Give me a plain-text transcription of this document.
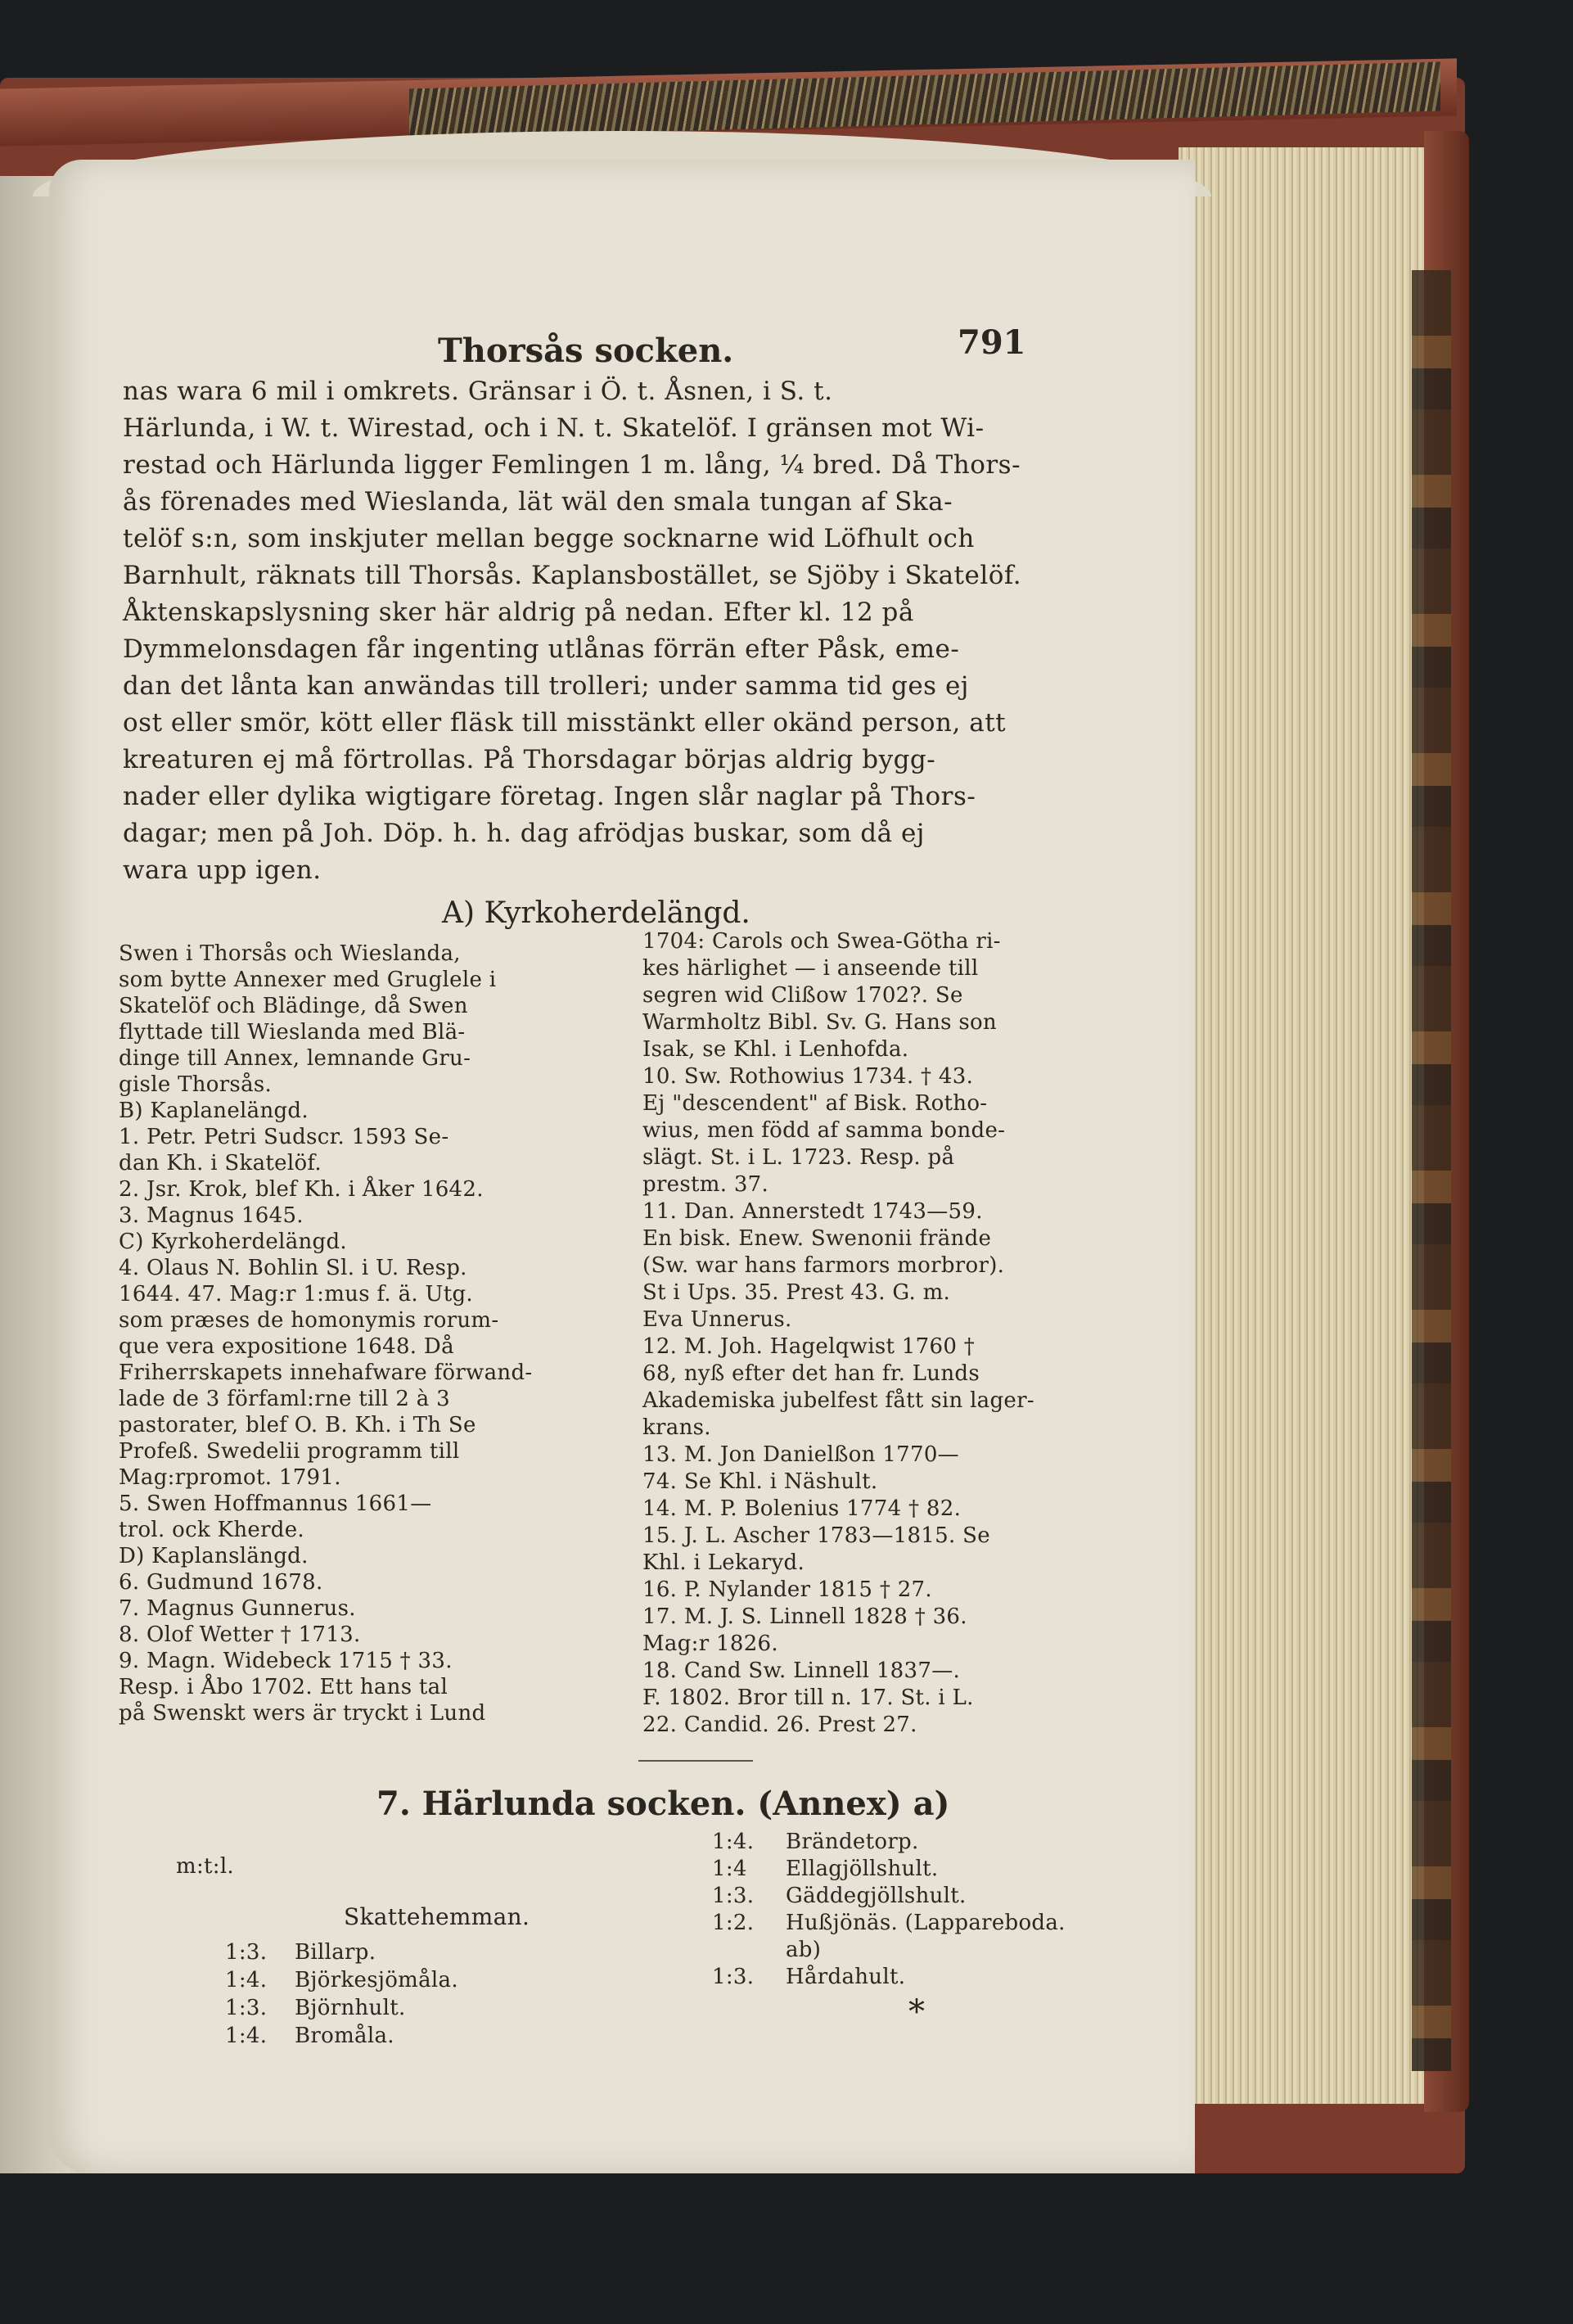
Thorsås socken.	791
nas wara 6 mil i omkrets. Gränsar i Ö. t. Åsnen, i S. t.
Härlunda, i W. t. Wirestad, och i N. t. Skatelöf. I gränsen mot Wi-
restad och Härlunda ligger Femlingen 1 m. lång, ¼ bred. Då Thors-
ås förenades med Wieslanda, lät wäl den smala tungan af Ska-
telöf s:n, som inskjuter mellan begge socknarne wid Löfhult och
Barnhult, räknats till Thorsås. Kaplansbostället, se Sjöby i Skatelöf.
Åktenskapslysning sker här aldrig på nedan. Efter kl. 12 på
Dymmelonsdagen får ingenting utlånas förrän efter Påsk, eme-
dan det lånta kan anwändas till trolleri; under samma tid ges ej
ost eller smör, kött eller fläsk till misstänkt eller okänd person, att
kreaturen ej må förtrollas. På Thorsdagar börjas aldrig bygg-
nader eller dylika wigtigare företag. Ingen slår naglar på Thors-
dagar; men på Joh. Döp. h. h. dag afrödjas buskar, som då ej
wara upp igen.
A) Kyrkoherdelängd.
Swen i Thorsås och Wieslanda,
som bytte Annexer med Gruglele i
Skatelöf och Blädinge, då Swen
flyttade till Wieslanda med Blä-
dinge till Annex, lemnande Gru-
gisle Thorsås.
B) Kaplanelängd.
1. Petr. Petri Sudscr. 1593 Se-
dan Kh. i Skatelöf.
2. Jsr. Krok, blef Kh. i Åker 1642.
3. Magnus 1645.
C) Kyrkoherdelängd.
4. Olaus N. Bohlin Sl. i U. Resp.
1644. 47. Mag:r 1:mus f. ä. Utg.
som præses de homonymis rorum-
que vera expositione 1648. Då
Friherrskapets innehafware förwand-
lade de 3 förfaml:rne till 2 à 3
pastorater, blef O. B. Kh. i Th Se
Profeß. Swedelii programm till
Mag:rpromot. 1791.
5. Swen Hoffmannus 1661—
trol. ock Kherde.
D) Kaplanslängd.
6. Gudmund 1678.
7. Magnus Gunnerus.
8. Olof Wetter † 1713.
9. Magn. Widebeck 1715 † 33.
Resp. i Åbo 1702. Ett hans tal
på Swenskt wers är tryckt i Lund
1704: Carols och Swea-Götha ri-
kes härlighet — i anseende till
segren wid Clißow 1702?. Se
Warmholtz Bibl. Sv. G. Hans son
Isak, se Khl. i Lenhofda.
10. Sw. Rothowius 1734. † 43.
Ej "descendent" af Bisk. Rotho-
wius, men född af samma bonde-
slägt. St. i L. 1723. Resp. på
prestm. 37.
11. Dan. Annerstedt 1743—59.
En bisk. Enew. Swenonii frände
(Sw. war hans farmors morbror).
St i Ups. 35. Prest 43. G. m.
Eva Unnerus.
12. M. Joh. Hagelqwist 1760 †
68, nyß efter det han fr. Lunds
Akademiska jubelfest fått sin lager-
krans.
13. M. Jon Danielßon 1770—
74. Se Khl. i Näshult.
14. M. P. Bolenius 1774 † 82.
15. J. L. Ascher 1783—1815. Se
Khl. i Lekaryd.
16. P. Nylander 1815 † 27.
17. M. J. S. Linnell 1828 † 36.
Mag:r 1826.
18. Cand Sw. Linnell 1837—.
F. 1802. Bror till n. 17. St. i L.
22. Candid. 26. Prest 27.
7. Härlunda socken. (Annex) a)
m:t:l.
Skattehemman.
1:3. Billarp.
1:4. Björkesjömåla.
1:3. Björnhult.
1:4. Bromåla.
1:4. Brändetorp.
1:4 Ellagjöllshult.
1:3. Gäddegjöllshult.
1:2. Hußjönäs. (Lappareboda.
ab)
1:3. Hårdahult.
*
